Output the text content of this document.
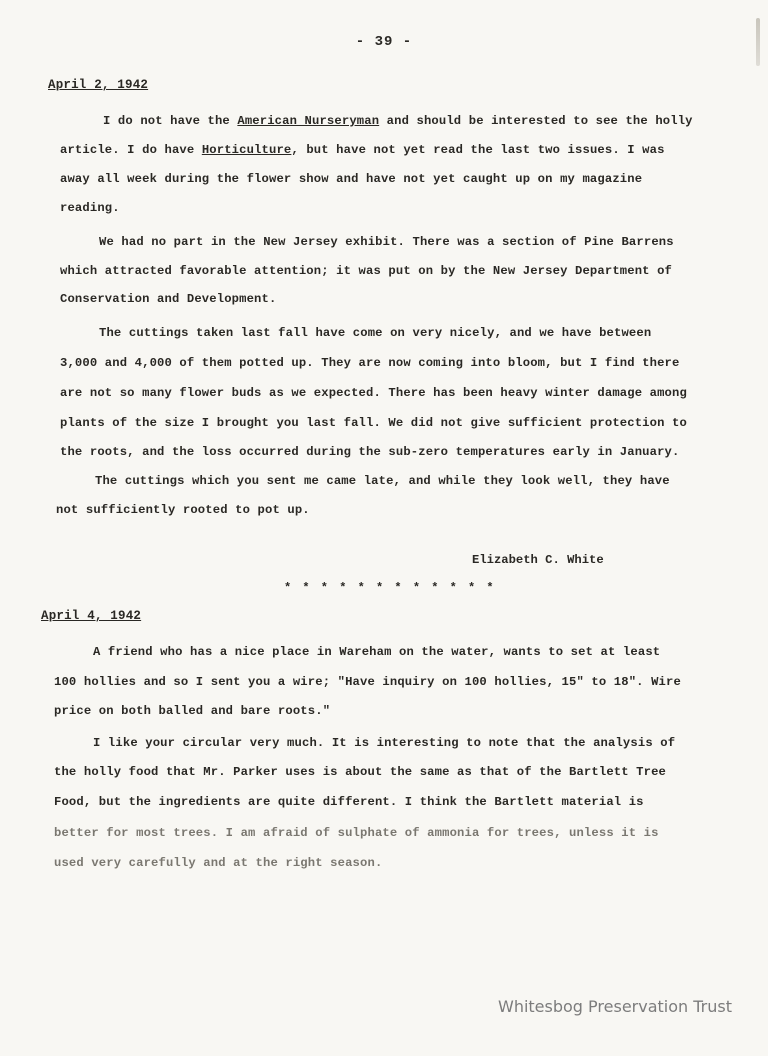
- 39 -
April 2, 1942
I do not have the American Nurseryman and should be interested to see the holly
article. I do have Horticulture, but have not yet read the last two issues. I was
away all week during the flower show and have not yet caught up on my magazine
reading.
We had no part in the New Jersey exhibit. There was a section of Pine Barrens
which attracted favorable attention; it was put on by the New Jersey Department of
Conservation and Development.
The cuttings taken last fall have come on very nicely, and we have between
3,000 and 4,000 of them potted up. They are now coming into bloom, but I find there
are not so many flower buds as we expected. There has been heavy winter damage among
plants of the size I brought you last fall. We did not give sufficient protection to
the roots, and the loss occurred during the sub-zero temperatures early in January.
The cuttings which you sent me came late, and while they look well, they have
not sufficiently rooted to pot up.
Elizabeth C. White
* * * * * * * * * * * *
April 4, 1942
A friend who has a nice place in Wareham on the water, wants to set at least
100 hollies and so I sent you a wire; "Have inquiry on 100 hollies, 15" to 18". Wire
price on both balled and bare roots."
I like your circular very much. It is interesting to note that the analysis of
the holly food that Mr. Parker uses is about the same as that of the Bartlett Tree
Food, but the ingredients are quite different. I think the Bartlett material is
better for most trees. I am afraid of sulphate of ammonia for trees, unless it is
used very carefully and at the right season.
Whitesbog Preservation Trust
